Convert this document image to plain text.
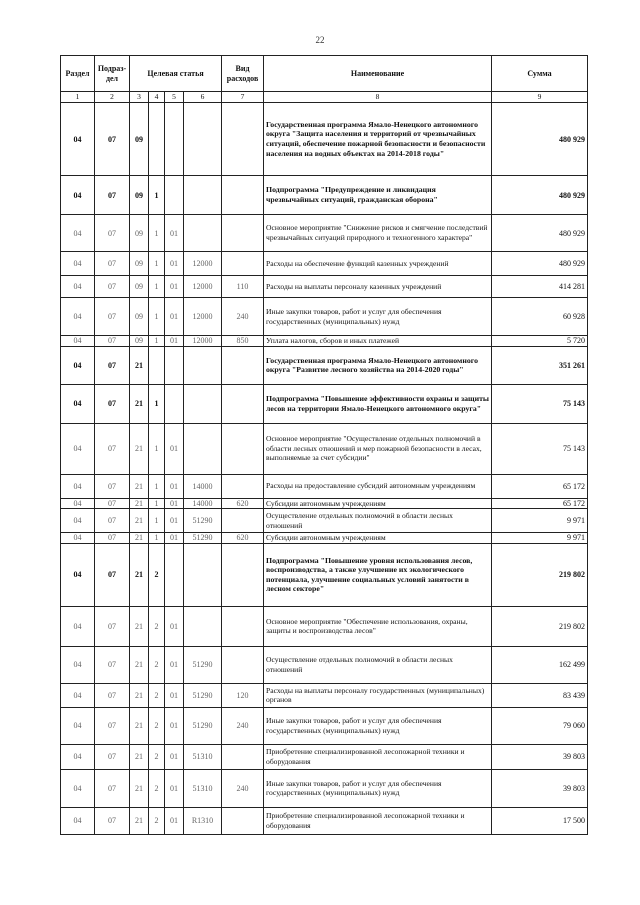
22
Раздел	Подраз-дел	Целевая статья				Вид расходов	Наименование	Сумма
1	2	3	4	5	6	7	8	9
04	07	09					Государственная программа Ямало-Ненецкого автономного округа "Защита населения и территорий от чрезвычайных ситуаций, обеспечение пожарной безопасности и безопасности населения на водных объектах на 2014-2018 годы"	480 929
04	07	09	1				Подпрограмма "Предупреждение и ликвидация чрезвычайных ситуаций, гражданская оборона"	480 929
04	07	09	1	01			Основное мероприятие "Снижение рисков и смягчение последствий чрезвычайных ситуаций природного и техногенного характера"	480 929
04	07	09	1	01	12000		Расходы на обеспечение функций казенных учреждений	480 929
04	07	09	1	01	12000	110	Расходы на выплаты персоналу казенных учреждений	414 281
04	07	09	1	01	12000	240	Иные закупки товаров, работ и услуг для обеспечения государственных (муниципальных) нужд	60 928
04	07	09	1	01	12000	850	Уплата налогов, сборов и иных платежей	5 720
04	07	21					Государственная программа Ямало-Ненецкого автономного округа "Развитие лесного хозяйства на 2014-2020 годы"	351 261
04	07	21	1				Подпрограмма "Повышение эффективности охраны и защиты лесов на территории Ямало-Ненецкого автономного округа"	75 143
04	07	21	1	01			Основное мероприятие "Осуществление отдельных полномочий в области лесных отношений и мер пожарной безопасности в лесах, выполняемые за счет субсидии"	75 143
04	07	21	1	01	14000		Расходы на предоставление субсидий автономным учреждениям	65 172
04	07	21	1	01	14000	620	Субсидии автономным учреждениям	65 172
04	07	21	1	01	51290		Осуществление отдельных полномочий в области лесных отношений	9 971
04	07	21	1	01	51290	620	Субсидии автономным учреждениям	9 971
04	07	21	2				Подпрограмма "Повышение уровня использования лесов, воспроизводства, а также улучшение их экологического потенциала, улучшение социальных условий занятости в лесном секторе"	219 802
04	07	21	2	01			Основное мероприятие "Обеспечение использования, охраны, защиты и воспроизводства лесов"	219 802
04	07	21	2	01	51290		Осуществление отдельных полномочий в области лесных отношений	162 499
04	07	21	2	01	51290	120	Расходы на выплаты персоналу государственных (муниципальных) органов	83 439
04	07	21	2	01	51290	240	Иные закупки товаров, работ и услуг для обеспечения государственных (муниципальных) нужд	79 060
04	07	21	2	01	51310		Приобретение специализированной лесопожарной техники и оборудования	39 803
04	07	21	2	01	51310	240	Иные закупки товаров, работ и услуг для обеспечения государственных (муниципальных) нужд	39 803
04	07	21	2	01	R1310		Приобретение специализированной лесопожарной техники и оборудования	17 500
